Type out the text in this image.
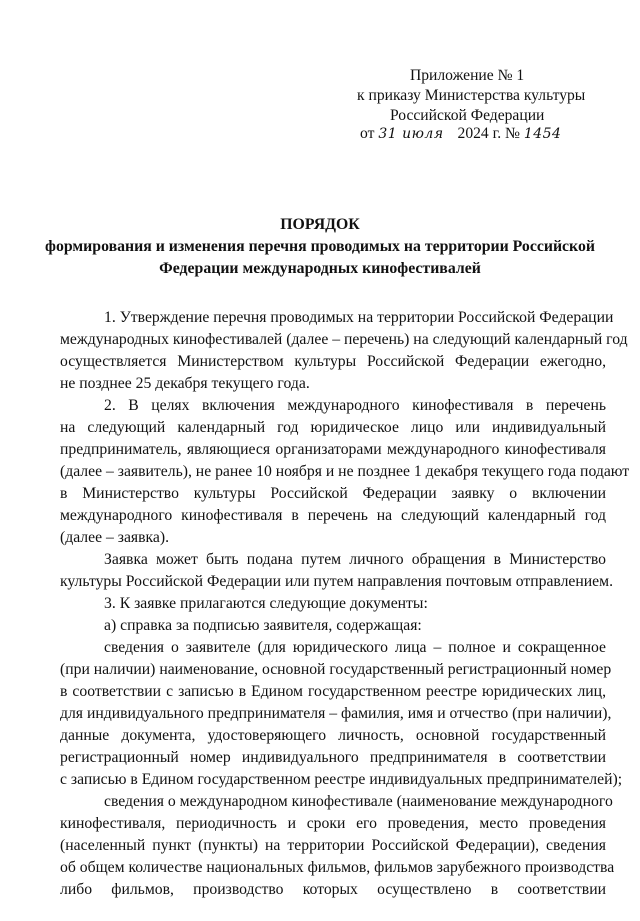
Приложение № 1
к приказу Министерства культуры
Российской Федерации
от 31 июля 2024 г. № 1454
ПОРЯДОК
формирования и изменения перечня проводимых на территории Российской
Федерации международных кинофестивалей
1. Утверждение перечня проводимых на территории Российской Федерации
международных кинофестивалей (далее – перечень) на следующий календарный год
осуществляется Министерством культуры Российской Федерации ежегодно,
не позднее 25 декабря текущего года.
2. В целях включения международного кинофестиваля в перечень
на следующий календарный год юридическое лицо или индивидуальный
предприниматель, являющиеся организаторами международного кинофестиваля
(далее – заявитель), не ранее 10 ноября и не позднее 1 декабря текущего года подают
в Министерство культуры Российской Федерации заявку о включении
международного кинофестиваля в перечень на следующий календарный год
(далее – заявка).
Заявка может быть подана путем личного обращения в Министерство
культуры Российской Федерации или путем направления почтовым отправлением.
3. К заявке прилагаются следующие документы:
а) справка за подписью заявителя, содержащая:
сведения о заявителе (для юридического лица – полное и сокращенное
(при наличии) наименование, основной государственный регистрационный номер
в соответствии с записью в Едином государственном реестре юридических лиц,
для индивидуального предпринимателя – фамилия, имя и отчество (при наличии),
данные документа, удостоверяющего личность, основной государственный
регистрационный номер индивидуального предпринимателя в соответствии
с записью в Едином государственном реестре индивидуальных предпринимателей);
сведения о международном кинофестивале (наименование международного
кинофестиваля, периодичность и сроки его проведения, место проведения
(населенный пункт (пункты) на территории Российской Федерации), сведения
об общем количестве национальных фильмов, фильмов зарубежного производства
либо фильмов, производство которых осуществлено в соответствии
